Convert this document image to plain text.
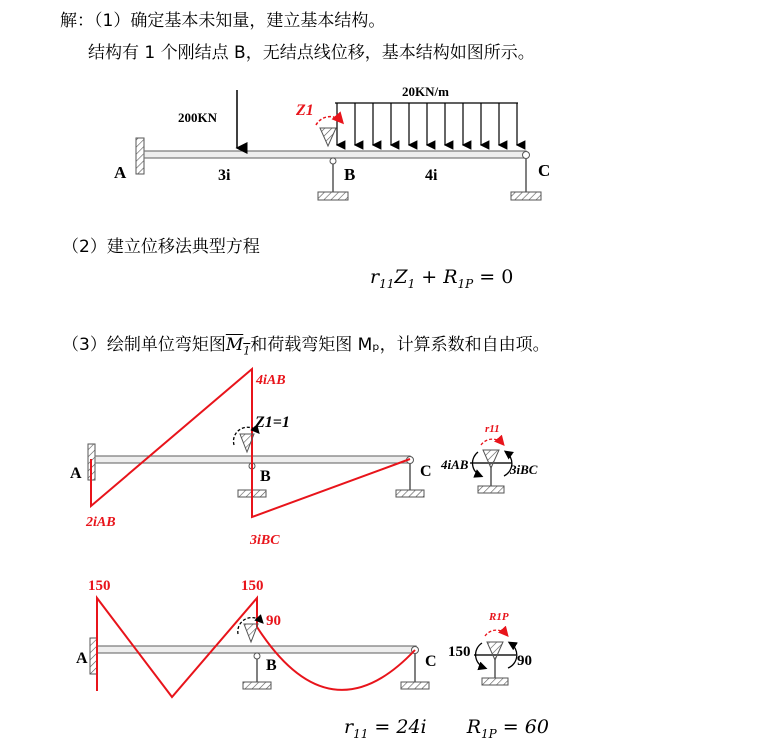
解：（1）确定基本未知量，建立基本结构。
结构有 1 个刚结点 B，无结点线位移，基本结构如图所示。
（2）建立位移法典型方程
$r_{11}Z_1 + R_{1P} = 0$
（3）绘制单位弯矩图$M_1$和荷载弯矩图 Mₚ，计算系数和自由项。
$r_{11} = 24i$ $R_{1P} = 60$
200KN
20KN/m
Z1
A	B	C
3i	4i
Z1=1
4iAB
2iAB
3iBC
A	B	C
r11
4iAB	3iBC
150	150
90
A	B	C
R1P
150
90
